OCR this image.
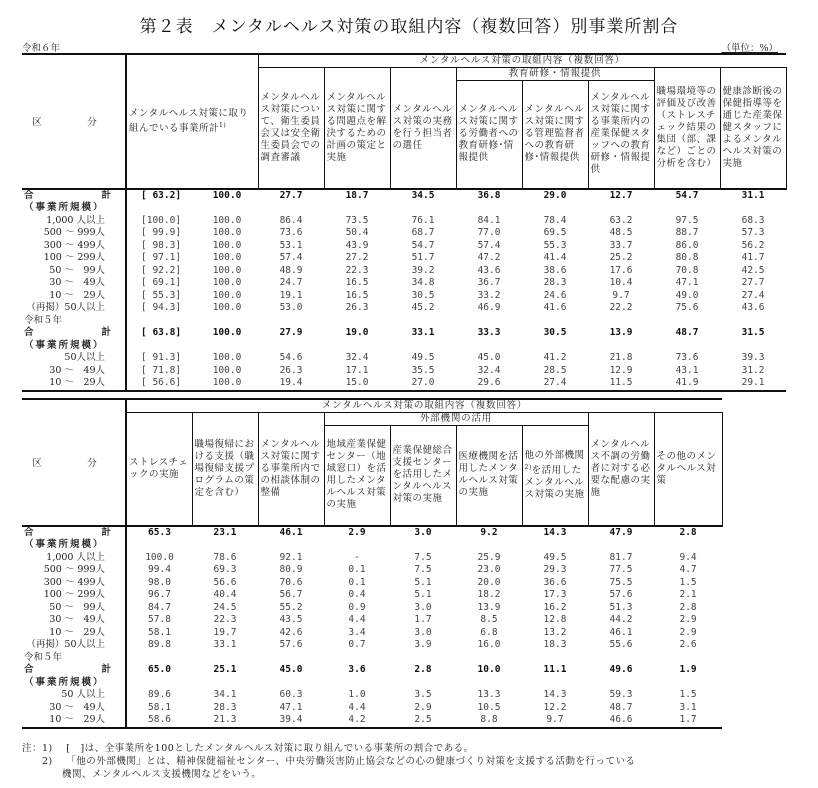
第２表　メンタルヘルス対策の取組内容（複数回答）別事業所割合
令和６年	（単位：%）
区　分	メンタルヘルス対策に取り組んでいる事業所計$^{1)}$		メンタルヘルス対策の取組内容（複数回答）							
			メンタルヘルス対策について、衛生委員会又は安全衛生委員会での調査審議	メンタルヘルス対策に関する問題点を解決するための計画の策定と実施	メンタルヘルス対策の実務を行う担当者の選任	教育研修・情報提供			職場環境等の評価及び改善（ストレスチェック結果の集団（部、課など）ごとの分析を含む）	健康診断後の保健指導等を通じた産業保健スタッフによるメンタルヘルス対策の実施
						メンタルヘルス対策に関する労働者への教育研修･情報提供	メンタルヘルス対策に関する管理監督者への教育研修･情報提供	メンタルヘルス対策に関する事業所内の産業保健スタッフへの教育研修・情報提供		

合 計	[ 63.2]	100.0	27.7	18.7	34.5	36.8	29.0	12.7	54.7	31.1
（事業所規模）										
1,000 人以上	[100.0]	100.0	86.4	73.5	76.1	84.1	78.4	63.2	97.5	68.3
500 ～ 999人	[ 99.9]	100.0	73.6	50.4	68.7	77.0	69.5	48.5	88.7	57.3
300 ～ 499人	[ 98.3]	100.0	53.1	43.9	54.7	57.4	55.3	33.7	86.0	56.2
100 ～ 299人	[ 97.1]	100.0	57.4	27.2	51.7	47.2	41.4	25.2	80.8	41.7
50 ～　99人	[ 92.2]	100.0	48.9	22.3	39.2	43.6	38.6	17.6	70.8	42.5
30 ～　49人	[ 69.1]	100.0	24.7	16.5	34.8	36.7	28.3	10.4	47.1	27.7
10 ～　29人	[ 55.3]	100.0	19.1	16.5	30.5	33.2	24.6	9.7	49.0	27.4
（再掲）50人以上	[ 94.3]	100.0	53.0	26.3	45.2	46.9	41.6	22.2	75.6	43.6
令和５年										

合 計	[ 63.8]	100.0	27.9	19.0	33.1	33.3	30.5	13.9	48.7	31.5
（事業所規模）										
50人以上	[ 91.3]	100.0	54.6	32.4	49.5	45.0	41.2	21.8	73.6	39.3
30 ～　49人	[ 71.8]	100.0	26.3	17.1	35.5	32.4	28.5	12.9	43.1	31.2
10 ～　29人	[ 56.6]	100.0	19.4	15.0	27.0	29.6	27.4	11.5	41.9	29.1
区　分	メンタルヘルス対策の取組内容（複数回答）								
	ストレスチェックの実施	職場復帰における支援（職場復帰支援プログラムの策定を含む）	メンタルヘルス対策に関する事業所内での相談体制の整備	外部機関の活用				メンタルヘルス不調の労働者に対する必要な配慮の実施	その他のメンタルヘルス対策
				地域産業保健センター（地域窓口）を活用したメンタルヘルス対策の実施	産業保健総合支援センターを活用したメンタルヘルス対策の実施	医療機関を活用したメンタルヘルス対策の実施	他の外部機関$^{2)}$を活用したメンタルヘルス対策の実施		

合 計	65.3	23.1	46.1	2.9	3.0	9.2	14.3	47.9	2.8
（事業所規模）									
1,000 人以上	100.0	78.6	92.1	-	7.5	25.9	49.5	81.7	9.4
500 ～ 999人	99.4	69.3	80.9	0.1	7.5	23.0	29.3	77.5	4.7
300 ～ 499人	98.0	56.6	70.6	0.1	5.1	20.0	36.6	75.5	1.5
100 ～ 299人	96.7	40.4	56.7	0.4	5.1	18.2	17.3	57.6	2.1
50 ～　99人	84.7	24.5	55.2	0.9	3.0	13.9	16.2	51.3	2.8
30 ～　49人	57.8	22.3	43.5	4.4	1.7	8.5	12.8	44.2	2.9
10 ～　29人	58.1	19.7	42.6	3.4	3.0	6.8	13.2	46.1	2.9
（再掲）50人以上	89.8	33.1	57.6	0.7	3.9	16.0	18.3	55.6	2.6
令和５年									

合 計	65.0	25.1	45.0	3.6	2.8	10.0	11.1	49.6	1.9
（事業所規模）									
50 人以上	89.6	34.1	60.3	1.0	3.5	13.3	14.3	59.3	1.5
30 ～　49人	58.1	28.3	47.1	4.4	2.9	10.5	12.2	48.7	3.1
10 ～　29人	58.6	21.3	39.4	4.2	2.5	8.8	9.7	46.6	1.7
注：1)　 [　]は、全事業所を100としたメンタルヘルス対策に取り組んでいる事業所の割合である。
　　2)　 「他の外部機関」とは、精神保健福祉センター、中央労働災害防止協会などの心の健康づくり対策を支援する活動を行っている
　　　　機関、メンタルヘルス支援機関などをいう。
